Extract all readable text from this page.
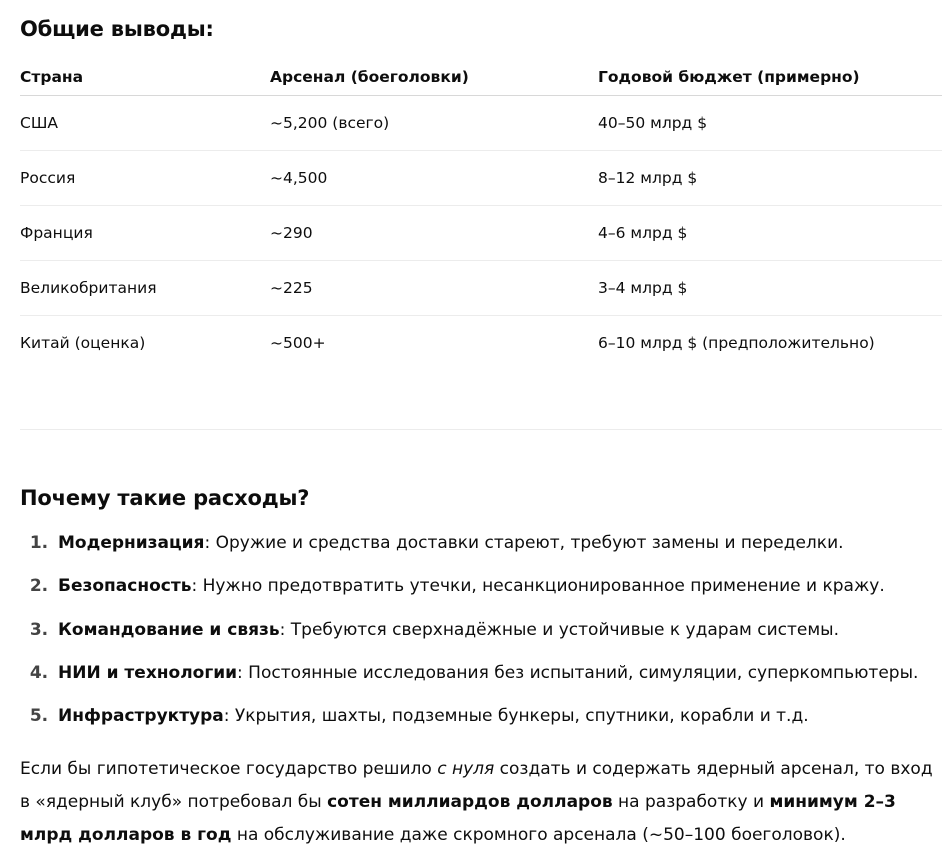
Общие выводы:
Страна	Арсенал (боеголовки)	Годовой бюджет (примерно)
США	~5,200 (всего)	40–50 млрд $
Россия	~4,500	8–12 млрд $
Франция	~290	4–6 млрд $
Великобритания	~225	3–4 млрд $
Китай (оценка)	~500+	6–10 млрд $ (предположительно)
Почему такие расходы?
1. Модернизация: Оружие и средства доставки стареют, требуют замены и переделки.
2. Безопасность: Нужно предотвратить утечки, несанкционированное применение и кражу.
3. Командование и связь: Требуются сверхнадёжные и устойчивые к ударам системы.
4. НИИ и технологии: Постоянные исследования без испытаний, симуляции, суперкомпьютеры.
5. Инфраструктура: Укрытия, шахты, подземные бункеры, спутники, корабли и т.д.

Если бы гипотетическое государство решило с нуля создать и содержать ядерный арсенал, то вход в «ядерный клуб» потребовал бы сотен миллиардов долларов на разработку и минимум 2–3 млрд долларов в год на обслуживание даже скромного арсенала (~50–100 боеголовок).
